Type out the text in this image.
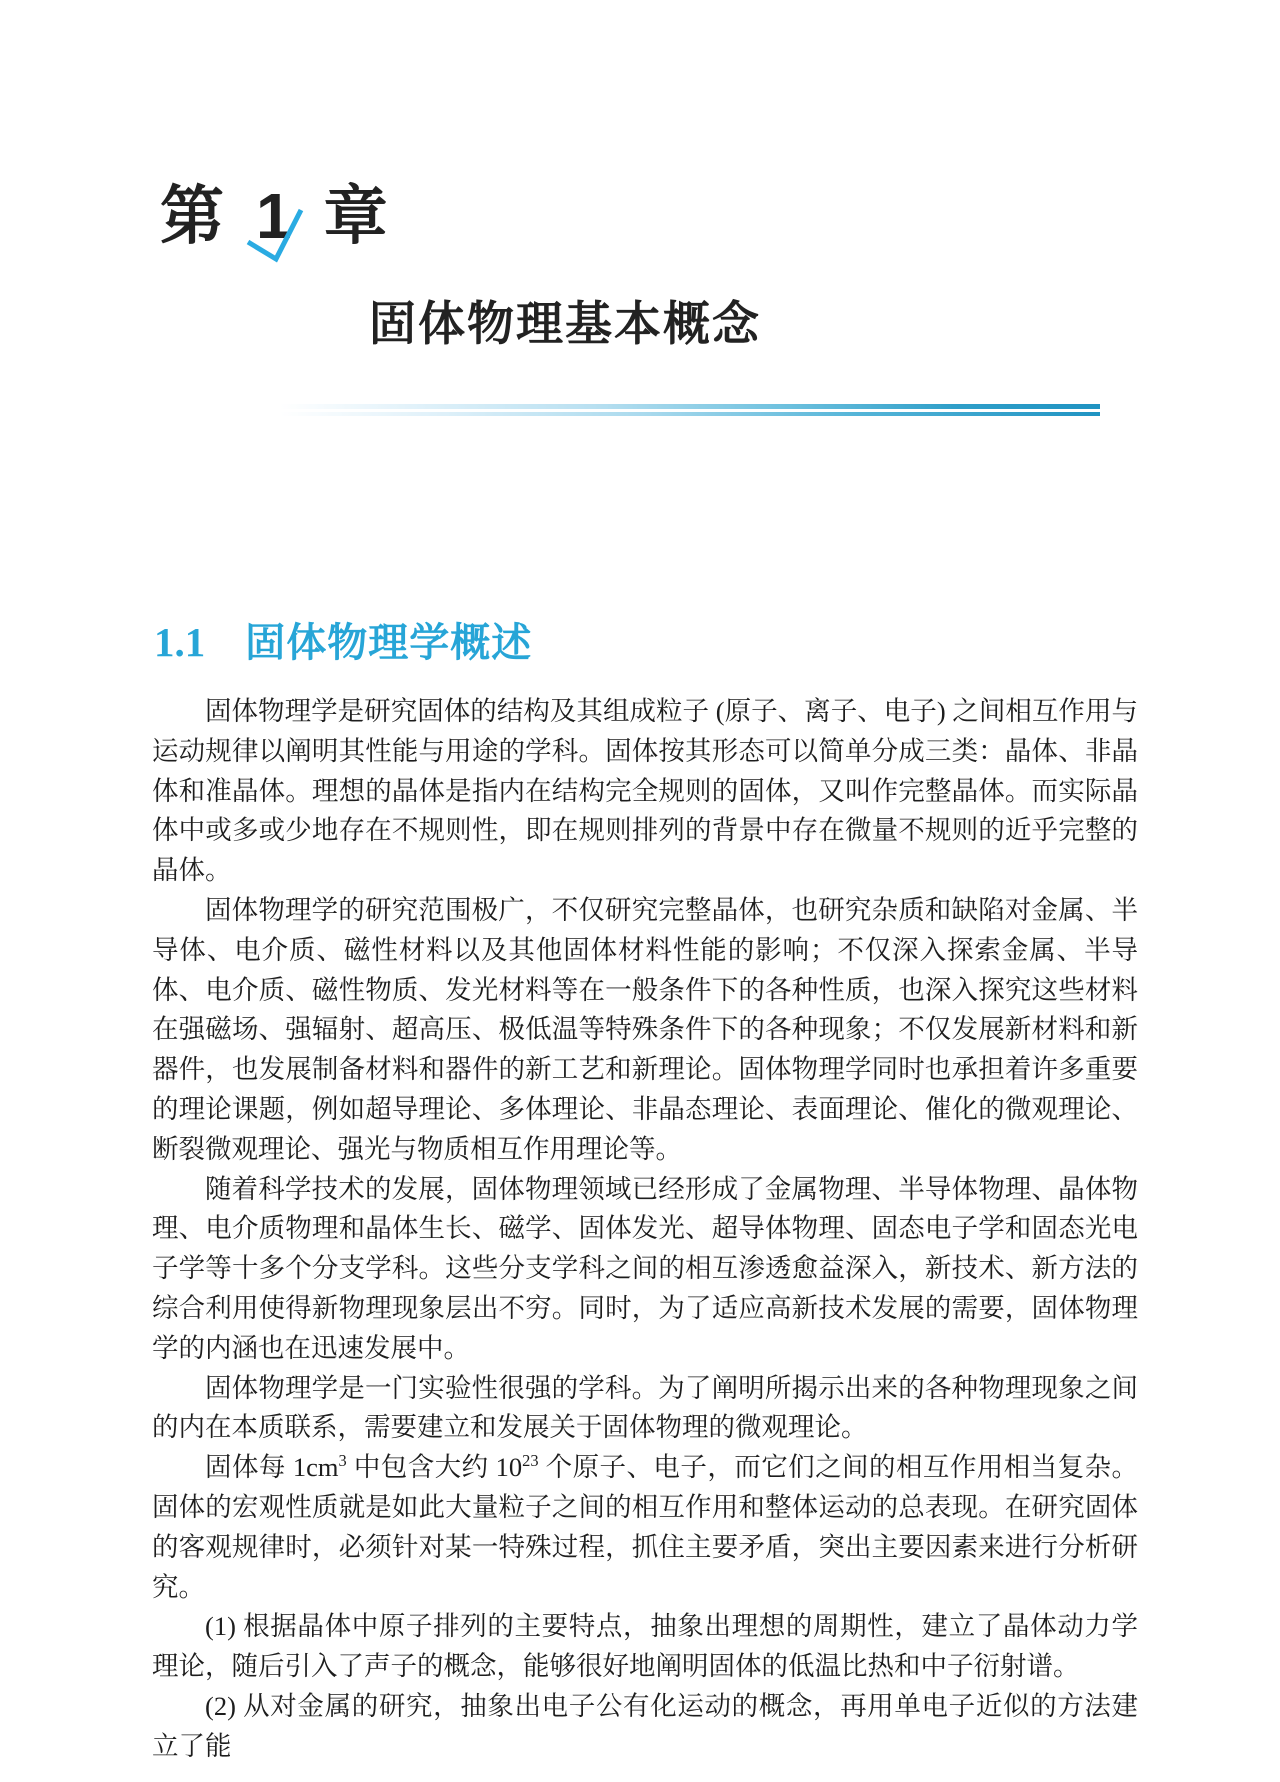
第 1 章
固体物理基本概念
1.1 固体物理学概述

固体物理学是研究固体的结构及其组成粒子 (原子、离子、电子) 之间相互作用与运动规律以阐明其性能与用途的学科。固体按其形态可以简单分成三类：晶体、非晶体和准晶体。理想的晶体是指内在结构完全规则的固体，又叫作完整晶体。而实际晶体中或多或少地存在不规则性，即在规则排列的背景中存在微量不规则的近乎完整的晶体。

固体物理学的研究范围极广，不仅研究完整晶体，也研究杂质和缺陷对金属、半导体、电介质、磁性材料以及其他固体材料性能的影响；不仅深入探索金属、半导体、电介质、磁性物质、发光材料等在一般条件下的各种性质，也深入探究这些材料在强磁场、强辐射、超高压、极低温等特殊条件下的各种现象；不仅发展新材料和新器件，也发展制备材料和器件的新工艺和新理论。固体物理学同时也承担着许多重要的理论课题，例如超导理论、多体理论、非晶态理论、表面理论、催化的微观理论、断裂微观理论、强光与物质相互作用理论等。

随着科学技术的发展，固体物理领域已经形成了金属物理、半导体物理、晶体物理、电介质物理和晶体生长、磁学、固体发光、超导体物理、固态电子学和固态光电子学等十多个分支学科。这些分支学科之间的相互渗透愈益深入，新技术、新方法的综合利用使得新物理现象层出不穷。同时，为了适应高新技术发展的需要，固体物理学的内涵也在迅速发展中。

固体物理学是一门实验性很强的学科。为了阐明所揭示出来的各种物理现象之间的内在本质联系，需要建立和发展关于固体物理的微观理论。

固体每 $1cm^3$ 中包含大约 $10^{23}$ 个原子、电子，而它们之间的相互作用相当复杂。固体的宏观性质就是如此大量粒子之间的相互作用和整体运动的总表现。在研究固体的客观规律时，必须针对某一特殊过程，抓住主要矛盾，突出主要因素来进行分析研究。

(1) 根据晶体中原子排列的主要特点，抽象出理想的周期性，建立了晶体动力学理论，随后引入了声子的概念，能够很好地阐明固体的低温比热和中子衍射谱。

(2) 从对金属的研究，抽象出电子公有化运动的概念，再用单电子近似的方法建立了能
